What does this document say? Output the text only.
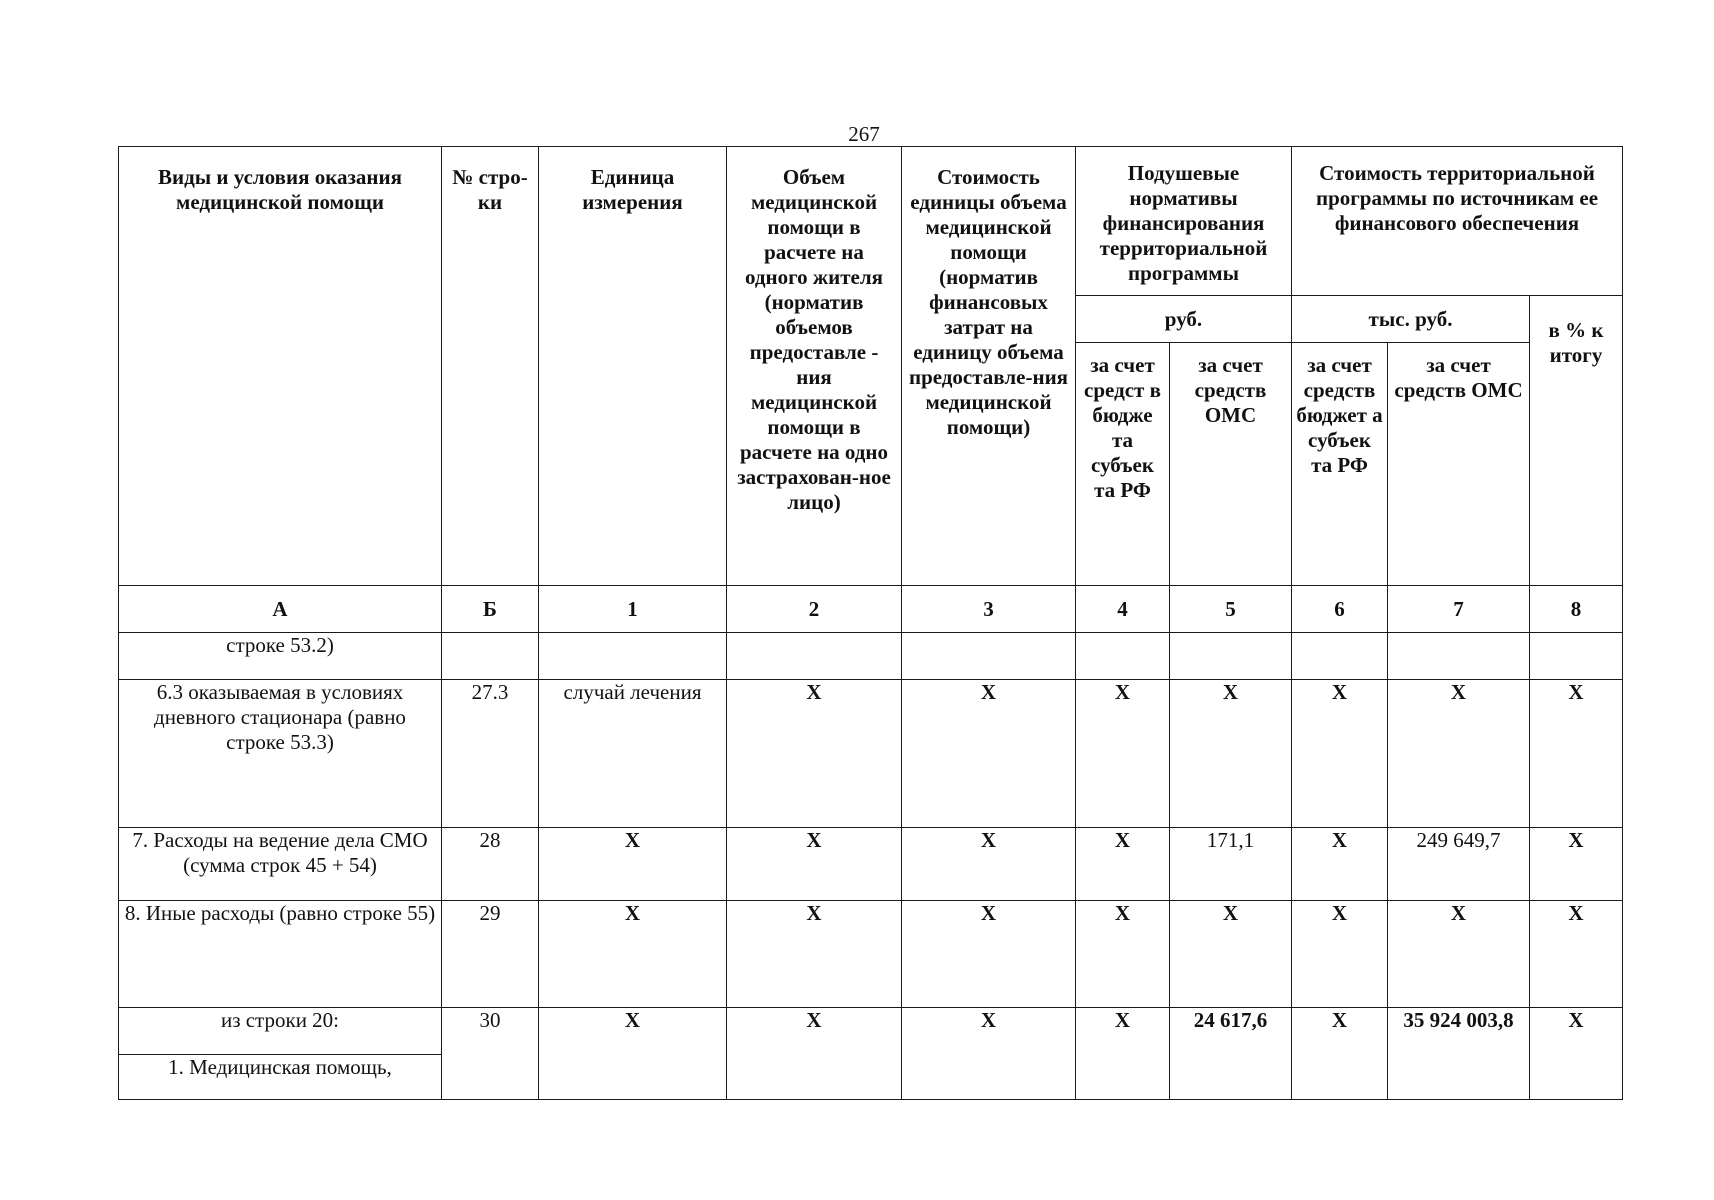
267
Виды и условия оказания медицинской помощи	№ стро-ки	Единица измерения	Объем медицинской помощи в расчете на одного жителя (норматив объемов предоставле - ния медицинской помощи в расчете на одно застрахован-ное лицо)	Стоимость единицы объема медицинской помощи (норматив финансовых затрат на единицу объема предоставле-ния медицинской помощи)	Подушевые нормативы финансирования территориальной программы		Стоимость территориальной программы по источникам ее финансового обеспечения		
					руб.		тыс. руб.		в % к итогу
					за счет средст в бюдже та субъек та РФ	за счет средств ОМС	за счет средств бюджет а субъек та РФ	за счет средств ОМС	
А	Б	1	2	3	4	5	6	7	8
строке 53.2)									
6.3 оказываемая в условиях дневного стационара (равно строке 53.3)	27.3	случай лечения	Х	Х	Х	Х	Х	Х	Х
7. Расходы на ведение дела СМО (сумма строк 45 + 54)	28	Х	Х	Х	Х	171,1	Х	249 649,7	Х
8. Иные расходы (равно строке 55)	29	Х	Х	Х	Х	Х	Х	Х	Х
из строки 20:	30	Х	Х	Х	Х	24 617,6	Х	35 924 003,8	Х
1. Медицинская помощь,									
